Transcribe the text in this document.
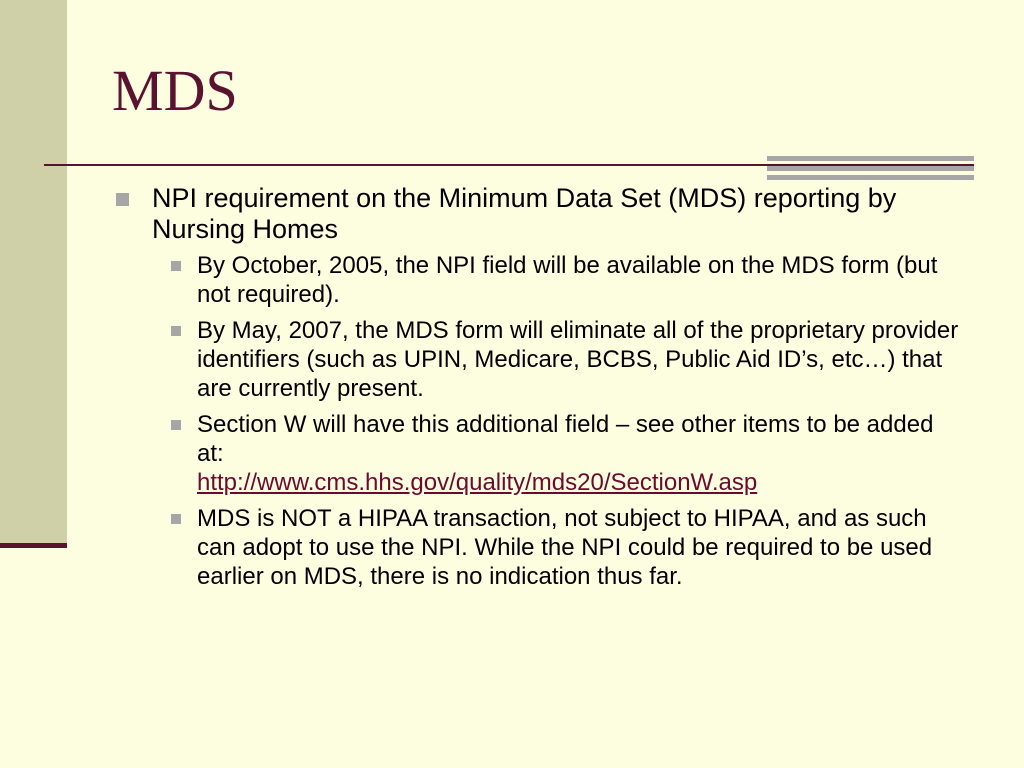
MDS
NPI requirement on the Minimum Data Set (MDS) reporting by Nursing Homes
By October, 2005, the NPI field will be available on the MDS form (but not required).
By May, 2007, the MDS form will eliminate all of the proprietary provider identifiers (such as UPIN, Medicare, BCBS, Public Aid ID’s, etc…) that are currently present.
Section W will have this additional field – see other items to be added at:
http://www.cms.hhs.gov/quality/mds20/SectionW.asp
MDS is NOT a HIPAA transaction, not subject to HIPAA, and as such can adopt to use the NPI. While the NPI could be required to be used earlier on MDS, there is no indication thus far.
